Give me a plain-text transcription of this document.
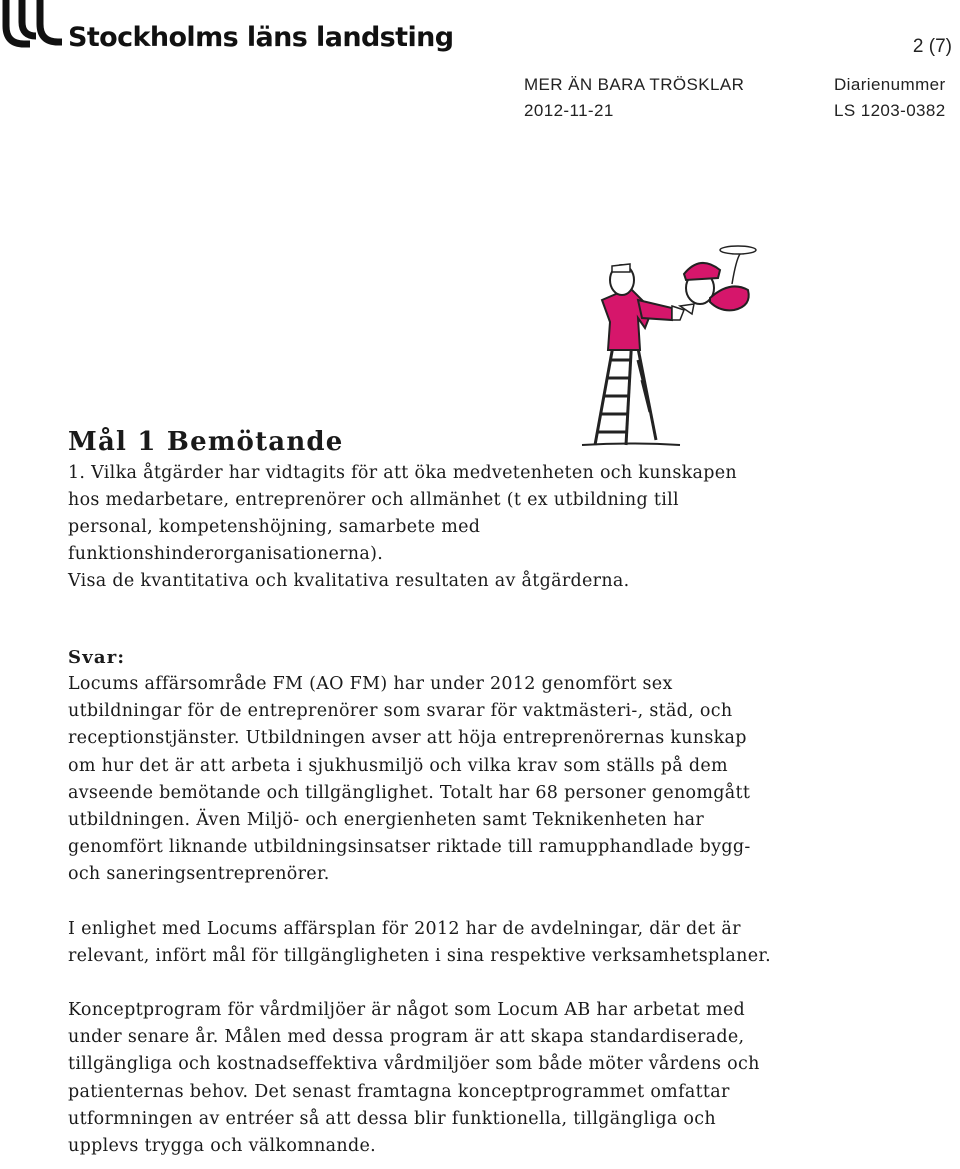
Stockholms läns landsting	2 (7)
MER ÄN BARA TRÖSKLAR
2012-11-21
Diarienummer
LS 1203-0382
Mål 1 Bemötande

1. Vilka åtgärder har vidtagits för att öka medvetenheten och kunskapen

hos medarbetare, entreprenörer och allmänhet (t ex utbildning till

personal, kompetenshöjning, samarbete med

funktionshinderorganisationerna).

Visa de kvantitativa och kvalitativa resultaten av åtgärderna.

Svar:

Locums affärsområde FM (AO FM) har under 2012 genomfört sex

utbildningar för de entreprenörer som svarar för vaktmästeri-, städ, och

receptionstjänster. Utbildningen avser att höja entreprenörernas kunskap

om hur det är att arbeta i sjukhusmiljö och vilka krav som ställs på dem

avseende bemötande och tillgänglighet. Totalt har 68 personer genomgått

utbildningen. Även Miljö- och energienheten samt Teknikenheten har

genomfört liknande utbildningsinsatser riktade till ramupphandlade bygg-

och saneringsentreprenörer.

I enlighet med Locums affärsplan för 2012 har de avdelningar, där det är

relevant, infört mål för tillgängligheten i sina respektive verksamhetsplaner.

Konceptprogram för vårdmiljöer är något som Locum AB har arbetat med

under senare år. Målen med dessa program är att skapa standardiserade,

tillgängliga och kostnadseffektiva vårdmiljöer som både möter vårdens och

patienternas behov. Det senast framtagna konceptprogrammet omfattar

utformningen av entréer så att dessa blir funktionella, tillgängliga och

upplevs trygga och välkomnande.
